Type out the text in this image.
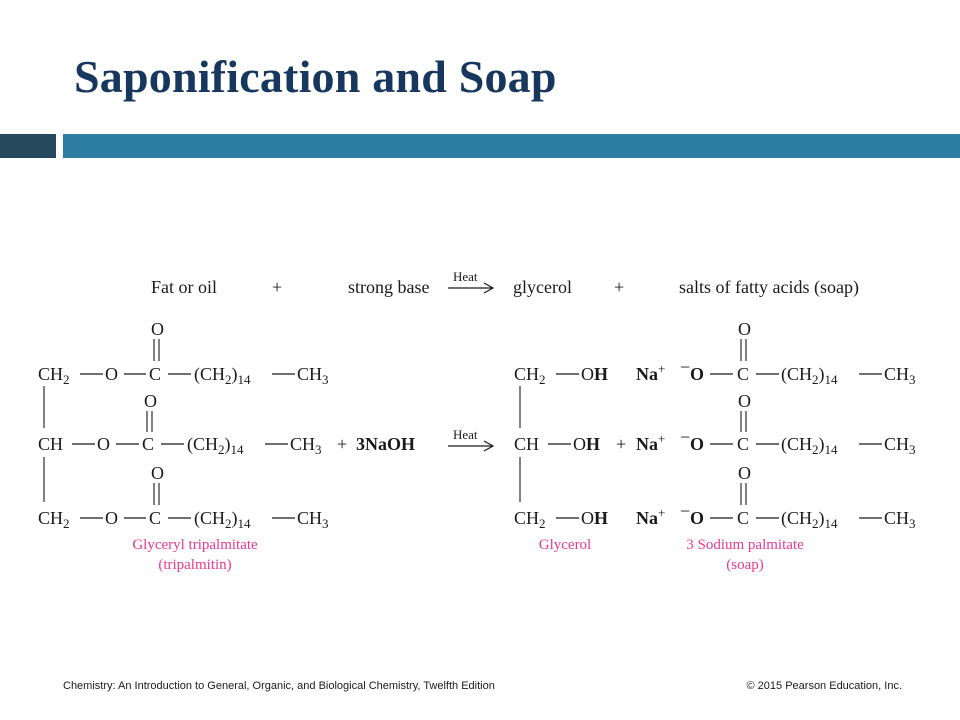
Saponification and Soap
Fat or oil	+	strong base
Heat
glycerol +	salts of fatty acids (soap)
O
$CH_2$ O C $(CH_2)_{14}$	$CH_3$
O
CH O C $(CH_2)_{14}$	$CH_3$
O
$CH_2$ O C $(CH_2)_{14}$	$CH_3$
+ 3NaOH	Heat
$CH_2$ OH
CH OH
$CH_2$ OH
+
O
Na+ − O C $(CH_2)_{14}$	$CH_3$
O
Na+ − O C $(CH_2)_{14}$	$CH_3$
O
Na+ − O C $(CH_2)_{14}$	$CH_3$
Glyceryl tripalmitate
(tripalmitin)
Glycerol	3 Sodium palmitate
(soap)
Chemistry: An Introduction to General, Organic, and Biological Chemistry, Twelfth Edition	© 2015 Pearson Education, Inc.
